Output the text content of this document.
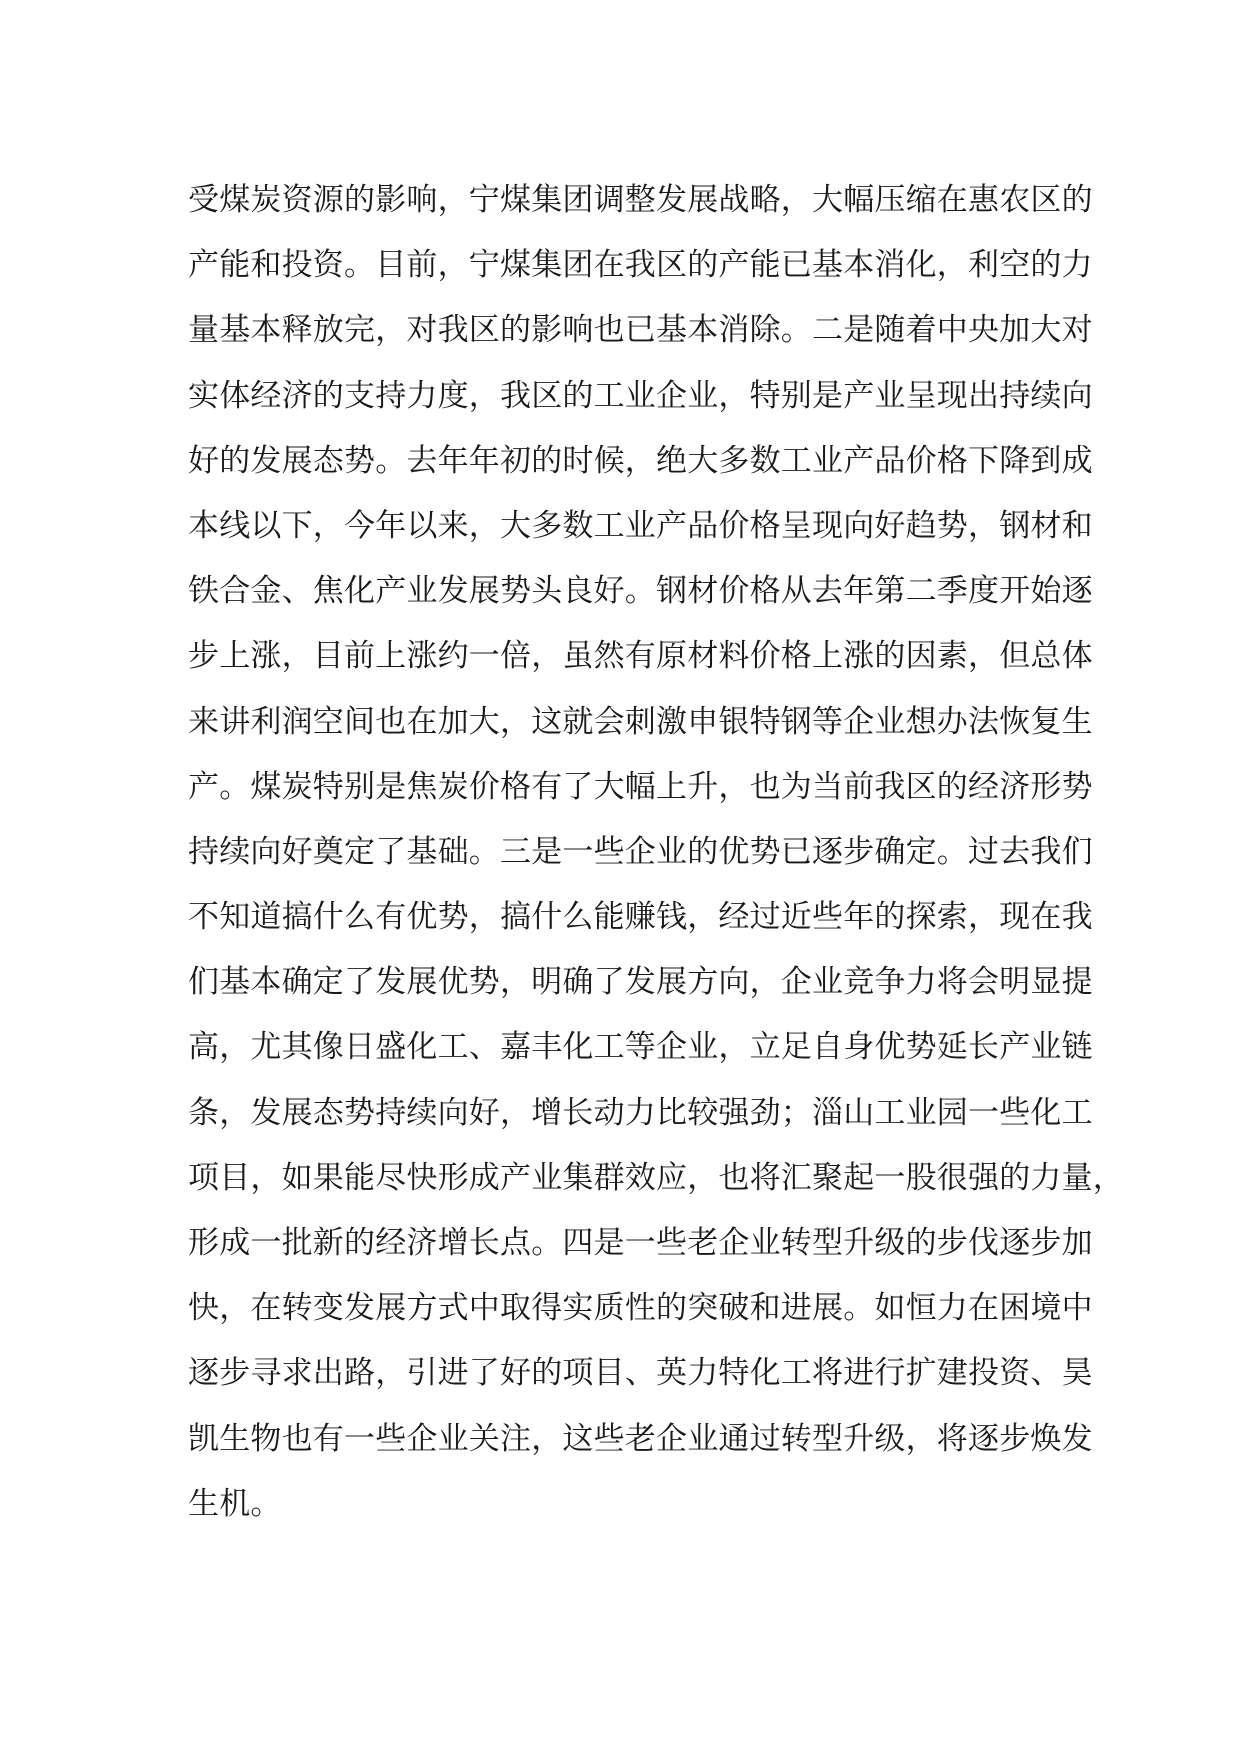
受煤炭资源的影响，宁煤集团调整发展战略，大幅压缩在惠农区的
产能和投资。目前，宁煤集团在我区的产能已基本消化，利空的力
量基本释放完，对我区的影响也已基本消除。二是随着中央加大对
实体经济的支持力度，我区的工业企业，特别是产业呈现出持续向
好的发展态势。去年年初的时候，绝大多数工业产品价格下降到成
本线以下，今年以来，大多数工业产品价格呈现向好趋势，钢材和
铁合金、焦化产业发展势头良好。钢材价格从去年第二季度开始逐
步上涨，目前上涨约一倍，虽然有原材料价格上涨的因素，但总体
来讲利润空间也在加大，这就会刺激申银特钢等企业想办法恢复生
产。煤炭特别是焦炭价格有了大幅上升，也为当前我区的经济形势
持续向好奠定了基础。三是一些企业的优势已逐步确定。过去我们
不知道搞什么有优势，搞什么能赚钱，经过近些年的探索，现在我
们基本确定了发展优势，明确了发展方向，企业竞争力将会明显提
高，尤其像日盛化工、嘉丰化工等企业，立足自身优势延长产业链
条，发展态势持续向好，增长动力比较强劲；淄山工业园一些化工
项目，如果能尽快形成产业集群效应，也将汇聚起一股很强的力量，
形成一批新的经济增长点。四是一些老企业转型升级的步伐逐步加
快，在转变发展方式中取得实质性的突破和进展。如恒力在困境中
逐步寻求出路，引进了好的项目、英力特化工将进行扩建投资、昊
凯生物也有一些企业关注，这些老企业通过转型升级，将逐步焕发
生机。
